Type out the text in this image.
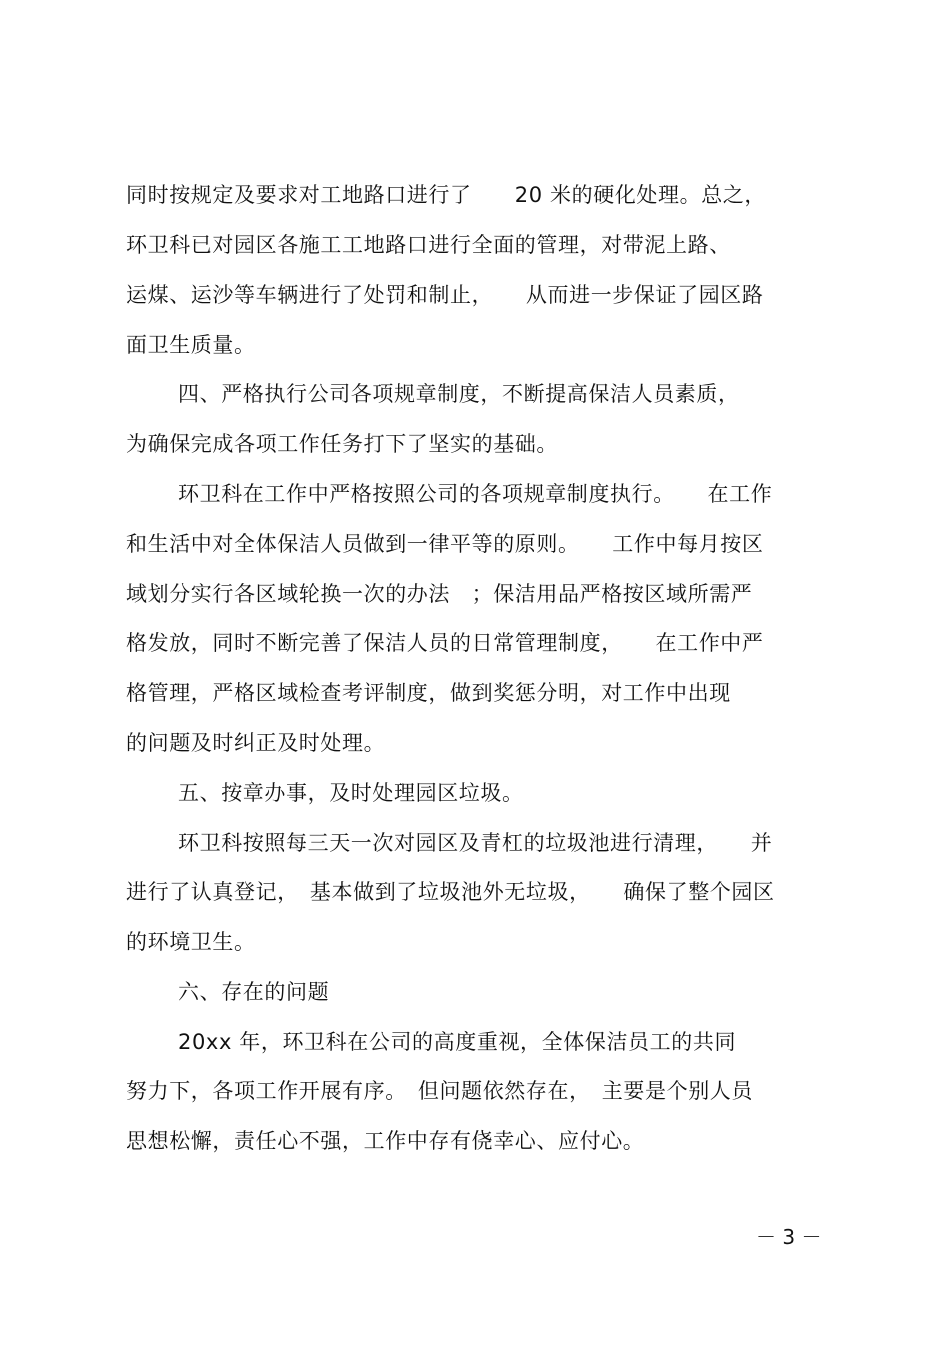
同时按规定及要求对工地路口进行了　　20 米的硬化处理。总之，
环卫科已对园区各施工工地路口进行全面的管理，对带泥上路、
运煤、运沙等车辆进行了处罚和制止，　　从而进一步保证了园区路
面卫生质量。
四、严格执行公司各项规章制度，不断提高保洁人员素质，
为确保完成各项工作任务打下了坚实的基础。
环卫科在工作中严格按照公司的各项规章制度执行。　　在工作
和生活中对全体保洁人员做到一律平等的原则。　　工作中每月按区
域划分实行各区域轮换一次的办法　；保洁用品严格按区域所需严
格发放，同时不断完善了保洁人员的日常管理制度，　　在工作中严
格管理，严格区域检查考评制度，做到奖惩分明，对工作中出现
的问题及时纠正及时处理。
五、按章办事，及时处理园区垃圾。
环卫科按照每三天一次对园区及青杠的垃圾池进行清理，　　并
进行了认真登记，　基本做到了垃圾池外无垃圾，　　确保了整个园区
的环境卫生。
六、存在的问题
20xx 年，环卫科在公司的高度重视，全体保洁员工的共同
努力下，各项工作开展有序。　但问题依然存在，　主要是个别人员
思想松懈，责任心不强，工作中存有侥幸心、应付心。
－ 3 －
